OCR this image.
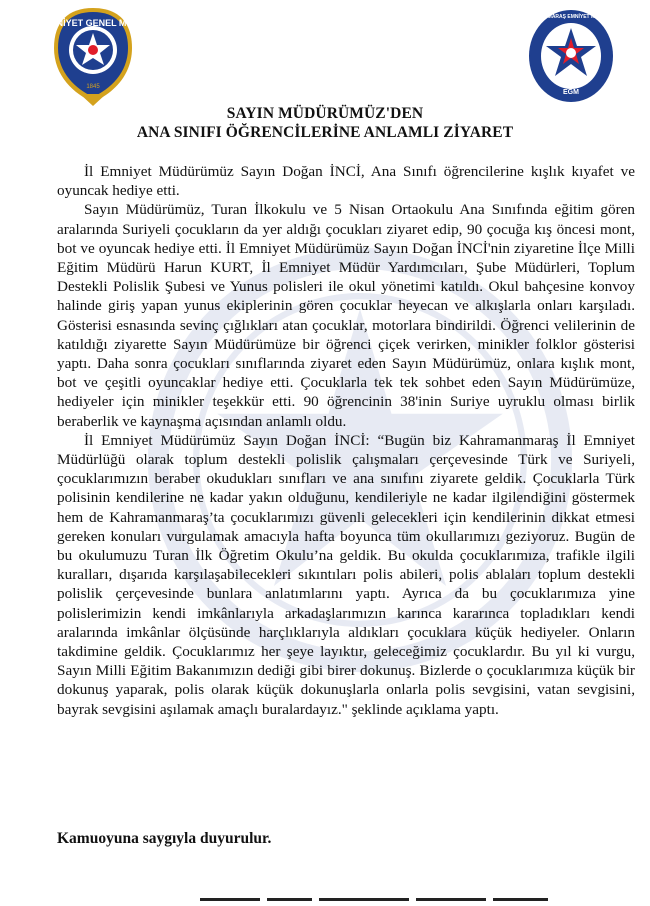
POLİS · EMNİYET GENEL MÜDÜRLÜĞÜ
1845
KAHRAMANMARAŞ EMNİYET MÜDÜRLÜĞÜ
EGM
SAYIN MÜDÜRÜMÜZ'DEN
ANA SINIFI ÖĞRENCİLERİNE ANLAMLI ZİYARET

İl Emniyet Müdürümüz Sayın Doğan İNCİ, Ana Sınıfı öğrencilerine kışlık kıyafet ve oyuncak hediye etti.

Sayın Müdürümüz, Turan İlkokulu ve 5 Nisan Ortaokulu Ana Sınıfında eğitim gören aralarında Suriyeli çocukların da yer aldığı çocukları ziyaret edip, 90 çocuğa kış öncesi mont, bot ve oyuncak hediye etti. İl Emniyet Müdürümüz Sayın Doğan İNCİ'nin ziyaretine İlçe Milli Eğitim Müdürü Harun KURT, İl Emniyet Müdür Yardımcıları, Şube Müdürleri, Toplum Destekli Polislik Şubesi ve Yunus polisleri ile okul yönetimi katıldı. Okul bahçesine konvoy halinde giriş yapan yunus ekiplerinin gören çocuklar heyecan ve alkışlarla onları karşıladı. Gösterisi esnasında sevinç çığlıkları atan çocuklar, motorlara bindirildi. Öğrenci velilerinin de katıldığı ziyarette Sayın Müdürümüze bir öğrenci çiçek verirken, minikler folklor gösterisi yaptı. Daha sonra çocukları sınıflarında ziyaret eden Sayın Müdürümüz, onlara kışlık mont, bot ve çeşitli oyuncaklar hediye etti. Çocuklarla tek tek sohbet eden Sayın Müdürümüze, hediyeler için minikler teşekkür etti. 90 öğrencinin 38'inin Suriye uyruklu olması birlik beraberlik ve kaynaşma açısından anlamlı oldu.

İl Emniyet Müdürümüz Sayın Doğan İNCİ: “Bugün biz Kahramanmaraş İl Emniyet Müdürlüğü olarak toplum destekli polislik çalışmaları çerçevesinde Türk ve Suriyeli, çocuklarımızın beraber okudukları sınıfları ve ana sınıfını ziyarete geldik. Çocuklarla Türk polisinin kendilerine ne kadar yakın olduğunu, kendileriyle ne kadar ilgilendiğini göstermek hem de Kahramanmaraş’ta çocuklarımızı güvenli gelecekleri için kendilerinin dikkat etmesi gereken konuları vurgulamak amacıyla hafta boyunca tüm okullarımızı geziyoruz. Bugün de bu okulumuzu Turan İlk Öğretim Okulu’na geldik. Bu okulda çocuklarımıza, trafikle ilgili kuralları, dışarıda karşılaşabilecekleri sıkıntıları polis abileri, polis ablaları toplum destekli polislik çerçevesinde bunlara anlatımlarını yaptı. Ayrıca da bu çocuklarımıza yine polislerimizin kendi imkânlarıyla arkadaşlarımızın karınca kararınca topladıkları kendi aralarında imkânlar ölçüsünde harçlıklarıyla aldıkları çocuklara küçük hediyeler. Onların takdimine geldik. Çocuklarımız her şeye layıktır, geleceğimiz çocuklardır. Bu yıl ki vurgu, Sayın Milli Eğitim Bakanımızın dediği gibi birer dokunuş. Bizlerde o çocuklarımıza küçük bir dokunuş yaparak, polis olarak küçük dokunuşlarla onlarla polis sevgisini, vatan sevgisini, bayrak sevgisini aşılamak amaçlı buralardayız." şeklinde açıklama yaptı.

Kamuoyuna saygıyla duyurulur.
